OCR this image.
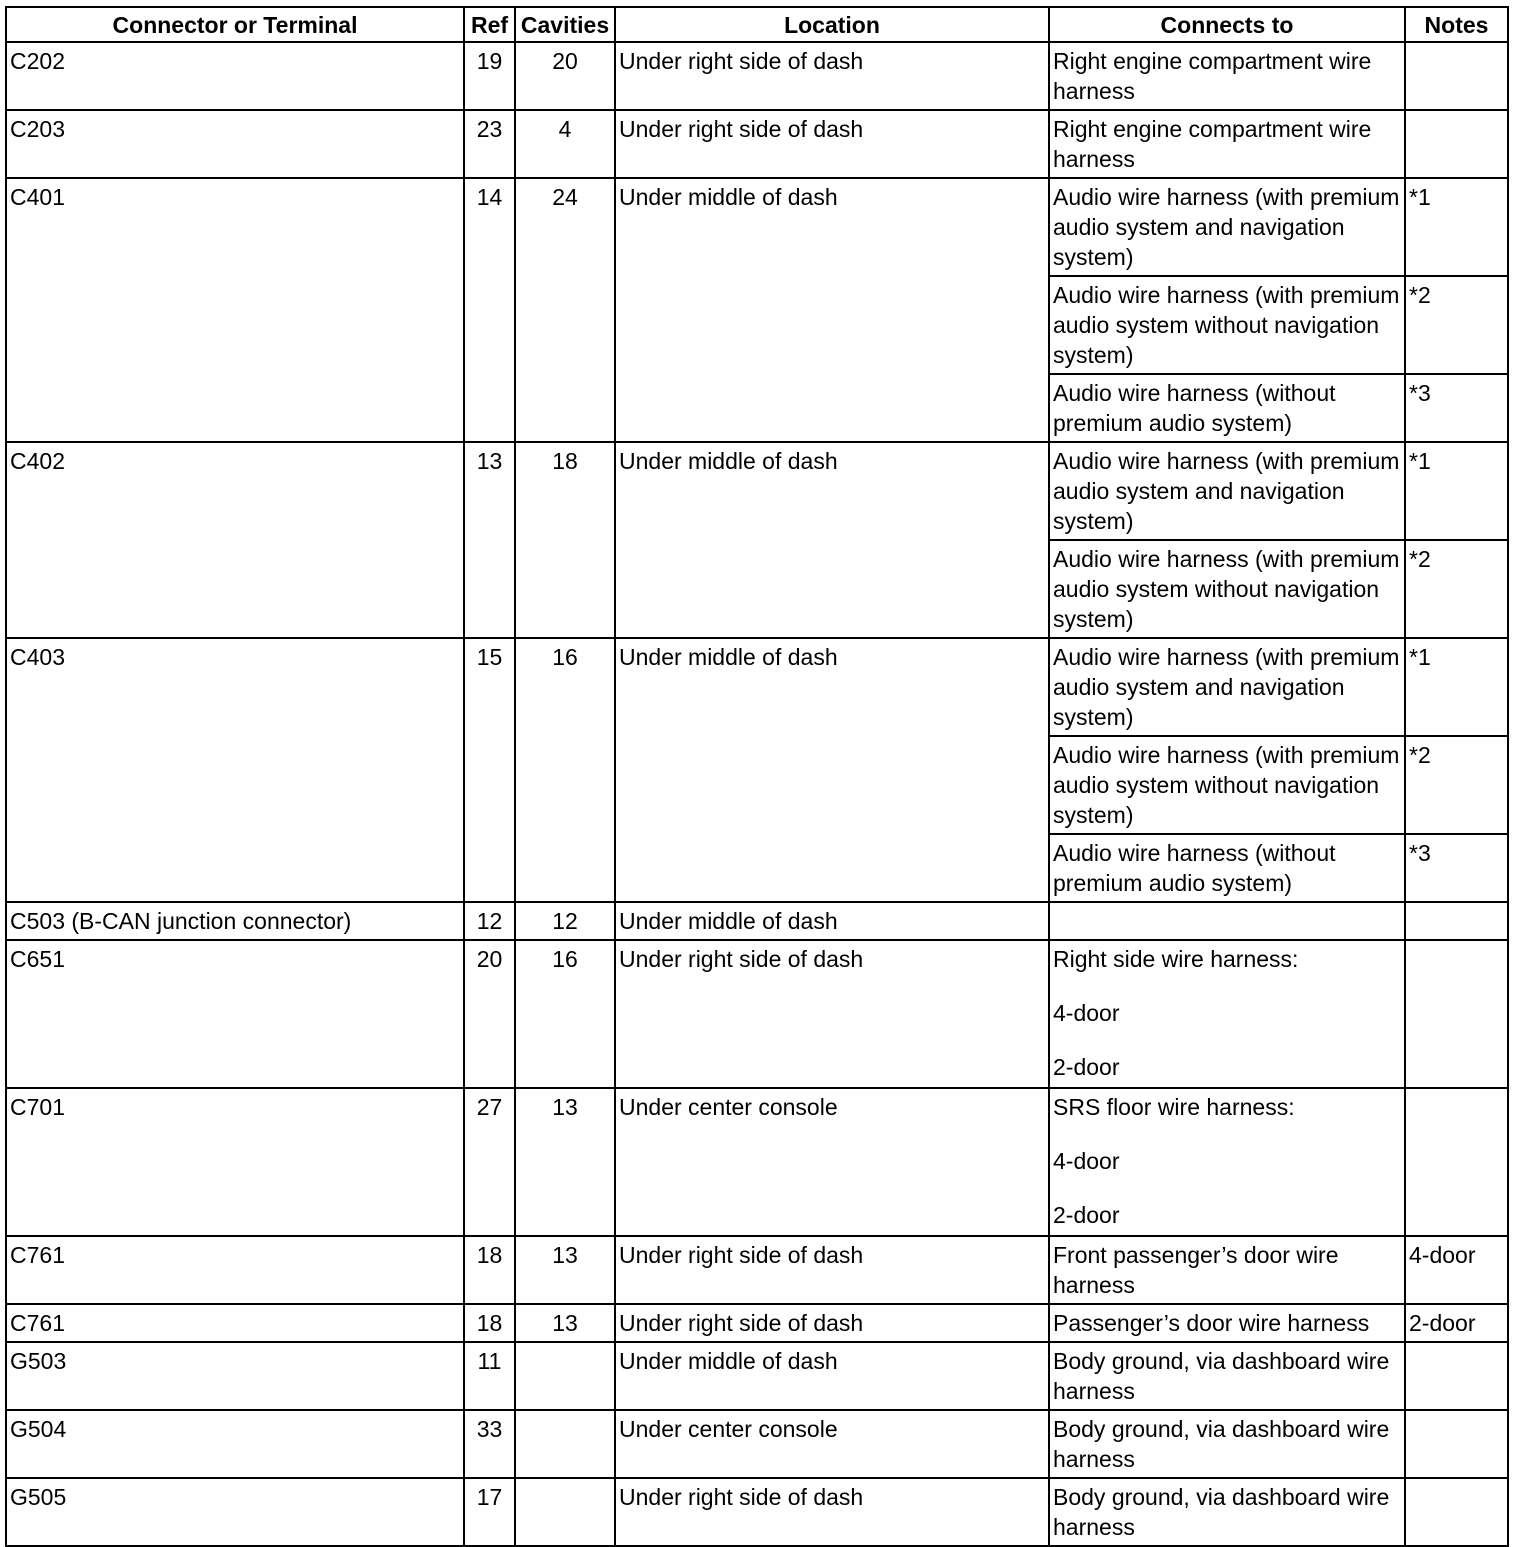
Connector or Terminal	Ref	Cavities	Location	Connects to	Notes
C202	19	20	Under right side of dash	Right engine compartment wire harness	
C203	23	4	Under right side of dash	Right engine compartment wire harness	
C401	14	24	Under middle of dash	Audio wire harness (with premium audio system and navigation system)	*1
				Audio wire harness (with premium audio system without navigation system)	*2
				Audio wire harness (without premium audio system)	*3
C402	13	18	Under middle of dash	Audio wire harness (with premium audio system and navigation system)	*1
				Audio wire harness (with premium audio system without navigation system)	*2
C403	15	16	Under middle of dash	Audio wire harness (with premium audio system and navigation system)	*1
				Audio wire harness (with premium audio system without navigation system)	*2
				Audio wire harness (without premium audio system)	*3
C503 (B-CAN junction connector)	12	12	Under middle of dash		
C651	20	16	Under right side of dash	Right side wire harness:
4-door
2-door	

C701	27	13	Under center console	SRS floor wire harness:
4-door
2-door	

C761	18	13	Under right side of dash	Front passenger’s door wire harness	4-door
C761	18	13	Under right side of dash	Passenger’s door wire harness	2-door
G503	11		Under middle of dash	Body ground, via dashboard wire harness	
G504	33		Under center console	Body ground, via dashboard wire harness	
G505	17		Under right side of dash	Body ground, via dashboard wire harness	
